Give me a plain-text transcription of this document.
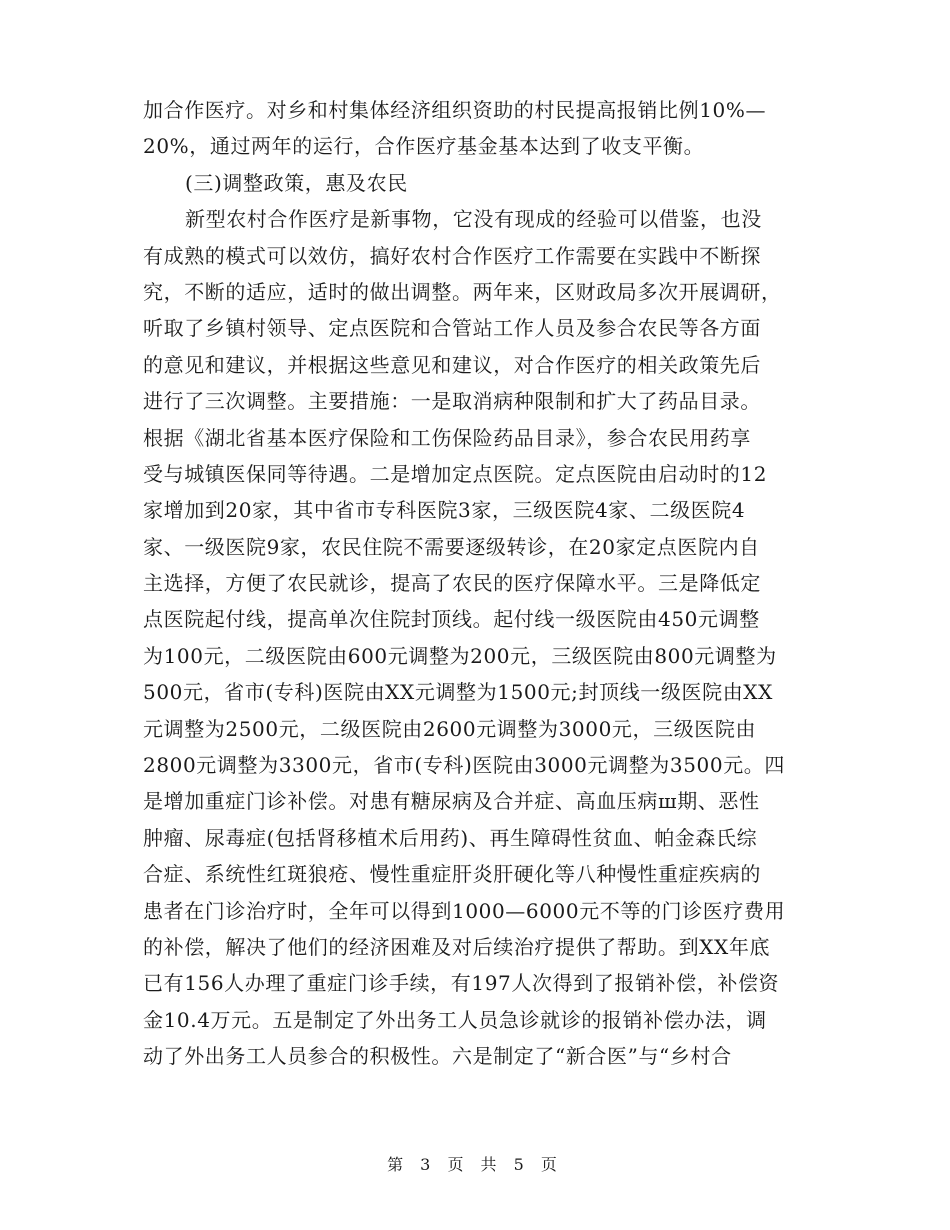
加合作医疗。对乡和村集体经济组织资助的村民提高报销比例10%—
20%，通过两年的运行，合作医疗基金基本达到了收支平衡。
(三)调整政策，惠及农民
新型农村合作医疗是新事物，它没有现成的经验可以借鉴，也没
有成熟的模式可以效仿，搞好农村合作医疗工作需要在实践中不断探
究，不断的适应，适时的做出调整。两年来，区财政局多次开展调研，
听取了乡镇村领导、定点医院和合管站工作人员及参合农民等各方面
的意见和建议，并根据这些意见和建议，对合作医疗的相关政策先后
进行了三次调整。主要措施：一是取消病种限制和扩大了药品目录。
根据《湖北省基本医疗保险和工伤保险药品目录》，参合农民用药享
受与城镇医保同等待遇。二是增加定点医院。定点医院由启动时的12
家增加到20家，其中省市专科医院3家，三级医院4家、二级医院4
家、一级医院9家，农民住院不需要逐级转诊，在20家定点医院内自
主选择，方便了农民就诊，提高了农民的医疗保障水平。三是降低定
点医院起付线，提高单次住院封顶线。起付线一级医院由450元调整
为100元，二级医院由600元调整为200元，三级医院由800元调整为
500元，省市(专科)医院由XX元调整为1500元;封顶线一级医院由XX
元调整为2500元，二级医院由2600元调整为3000元，三级医院由
2800元调整为3300元，省市(专科)医院由3000元调整为3500元。四
是增加重症门诊补偿。对患有糖尿病及合并症、高血压病ш期、恶性
肿瘤、尿毒症(包括肾移植术后用药)、再生障碍性贫血、帕金森氏综
合症、系统性红斑狼疮、慢性重症肝炎肝硬化等八种慢性重症疾病的
患者在门诊治疗时，全年可以得到1000—6000元不等的门诊医疗费用
的补偿，解决了他们的经济困难及对后续治疗提供了帮助。到XX年底
已有156人办理了重症门诊手续，有197人次得到了报销补偿，补偿资
金10.4万元。五是制定了外出务工人员急诊就诊的报销补偿办法，调
动了外出务工人员参合的积极性。六是制定了“新合医”与“乡村合
第 3 页 共 5 页
